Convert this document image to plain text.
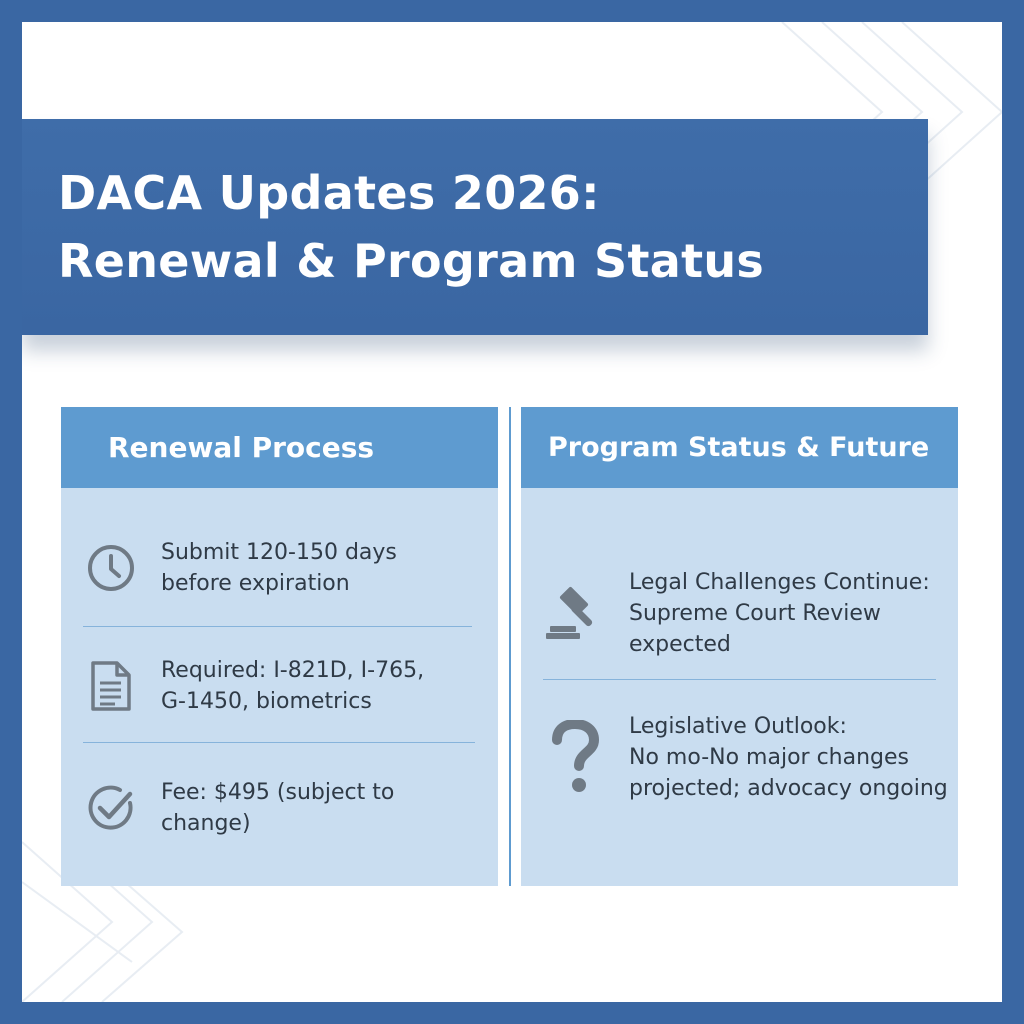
DACA Updates 2026:
Renewal & Program Status
Renewal Process
Submit 120-150 days
before expiration
Required: I-821D, I-765,
G-1450, biometrics
Fee: $495 (subject to
change)
Program Status & Future
Legal Challenges Continue:
Supreme Court Review
expected
Legislative Outlook:
No mo-No major changes
projected; advocacy ongoing
